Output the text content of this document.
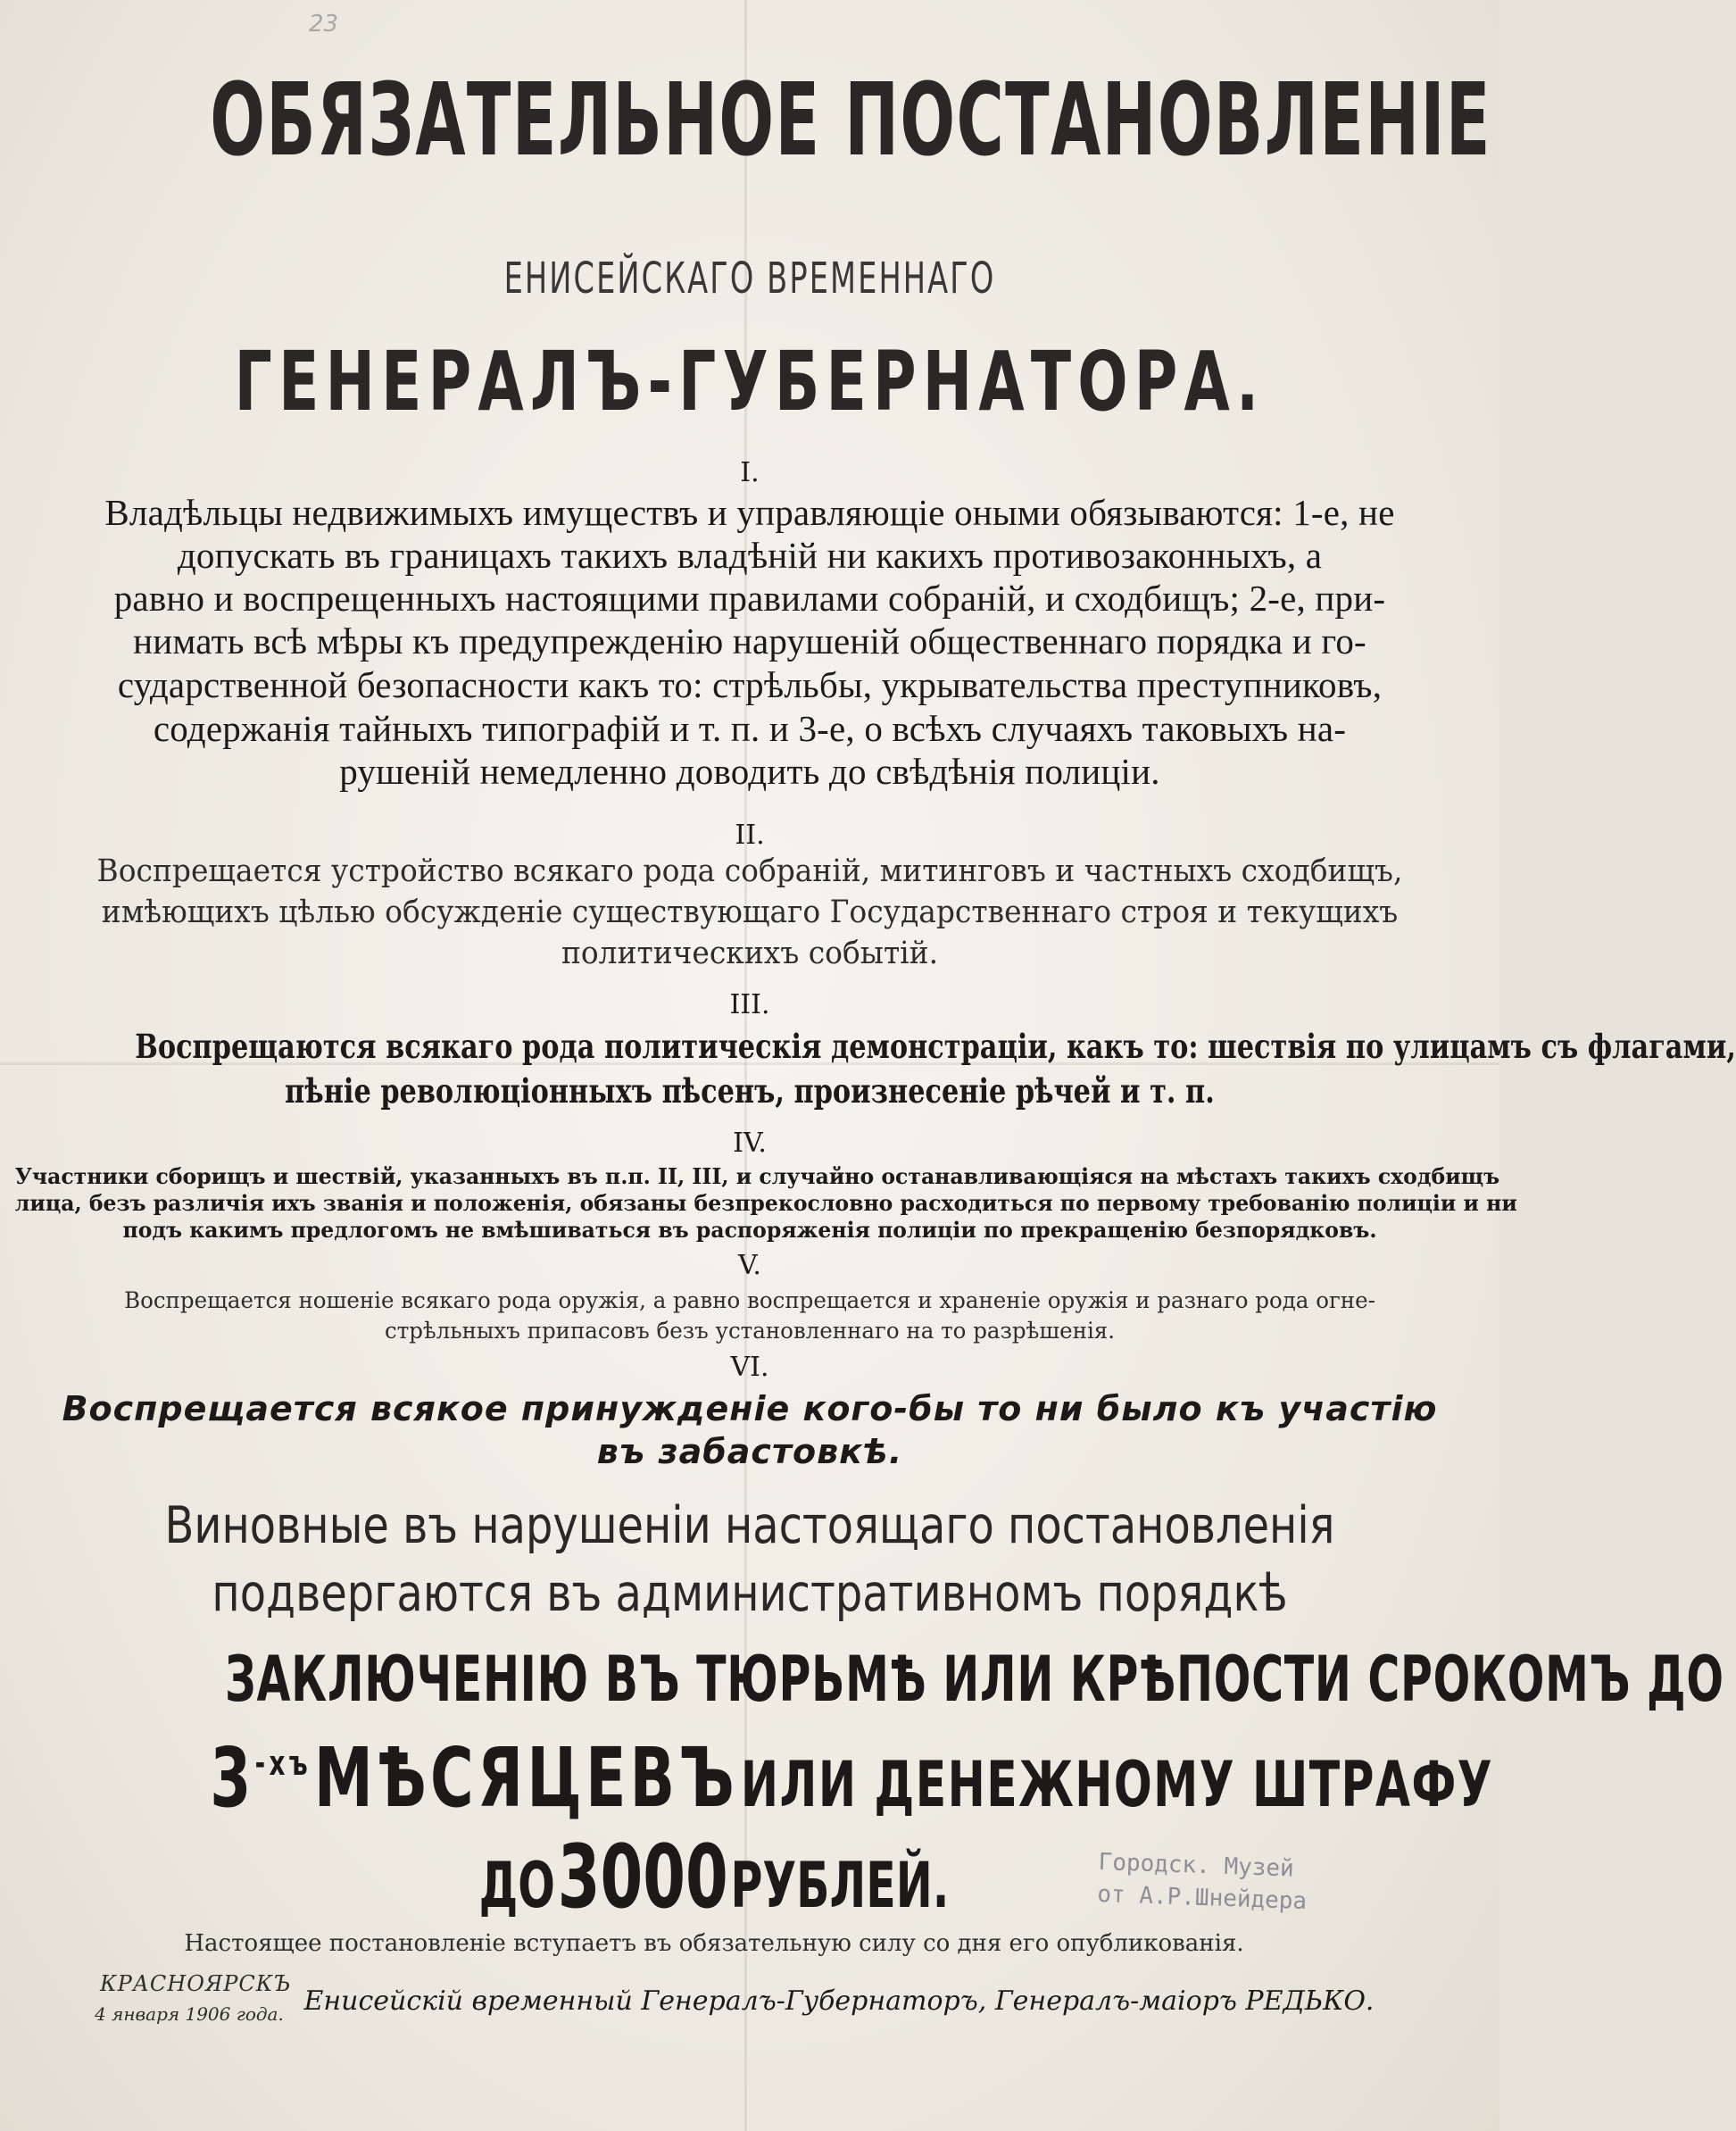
23
ОБЯЗАТЕЛЬНОЕ ПОСТАНОВЛЕНІЕ
ЕНИСЕЙСКАГО ВРЕМЕННАГО
ГЕНЕРАЛЪ-ГУБЕРНАТОРА.
I.
Владѣльцы недвижимыхъ имуществъ и управляющіе оными обязываются: 1-е, не
допускать въ границахъ такихъ владѣній ни какихъ противозаконныхъ, а
равно и воспрещенныхъ настоящими правилами собраній, и сходбищъ; 2-е, при-
нимать всѣ мѣры къ предупрежденію нарушеній общественнаго порядка и го-
сударственной безопасности какъ то: стрѣльбы, укрывательства преступниковъ,
содержанія тайныхъ типографій и т. п. и 3-е, о всѣхъ случаяхъ таковыхъ на-
рушеній немедленно доводить до свѣдѣнія полиціи.
II.
Воспрещается устройство всякаго рода собраній, митинговъ и частныхъ сходбищъ,
имѣющихъ цѣлью обсужденіе существующаго Государственнаго строя и текущихъ
политическихъ событій.
III.
Воспрещаются всякаго рода политическія демонстраціи, какъ то: шествія по улицамъ съ флагами,
пѣніе революціонныхъ пѣсенъ, произнесеніе рѣчей и т. п.
IV.
Участники сборищъ и шествій, указанныхъ въ п.п. II, III, и случайно останавливающіяся на мѣстахъ такихъ сходбищъ
лица, безъ различія ихъ званія и положенія, обязаны безпрекословно расходиться по первому требованію полиціи и ни
подъ какимъ предлогомъ не вмѣшиваться въ распоряженія полиціи по прекращенію безпорядковъ.
V.
Воспрещается ношеніе всякаго рода оружія, а равно воспрещается и храненіе оружія и разнаго рода огне-
стрѣльныхъ припасовъ безъ установленнаго на то разрѣшенія.
VI.
Воспрещается всякое принужденіе кого-бы то ни было къ участію
въ забастовкѣ.
Виновные въ нарушеніи настоящаго постановленія
подвергаются въ административномъ порядкѣ
ЗАКЛЮЧЕНІЮ ВЪ ТЮРЬМѢ ИЛИ КРѢПОСТИ СРОКОМЪ ДО
$3^{-хъ}$ МѢСЯЦЕВЪ ИЛИ ДЕНЕЖНОМУ ШТРАФУ
ДО 3000 РУБЛЕЙ.	Городск. Музей
от А.Р.Шнейдера
Настоящее постановленіе вступаетъ въ обязательную силу со дня его опубликованія.
Енисейскій временный Генералъ-Губернаторъ, Генералъ-маіоръ РЕДЬКО.
КРАСНОЯРСКЪ
4 января 1906 года.
